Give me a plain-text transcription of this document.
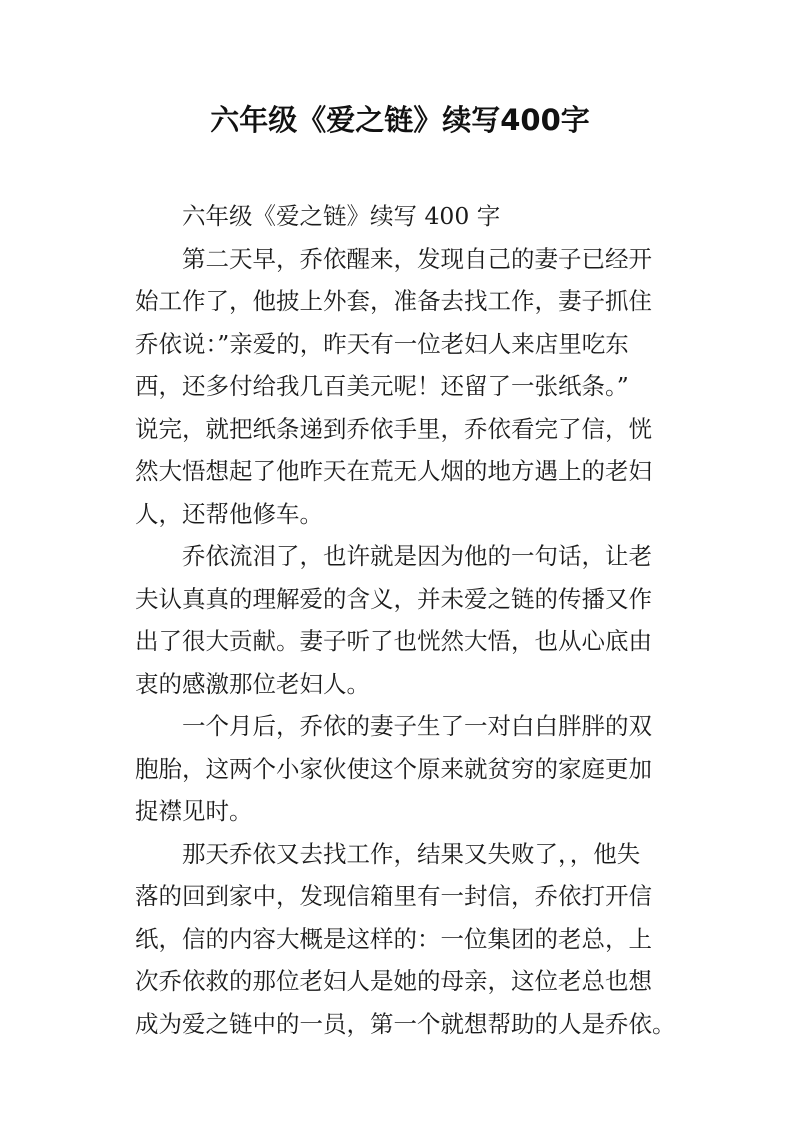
六年级《爱之链》续写400字
六年级《爱之链》续写 400 字
第二天早，乔依醒来，发现自己的妻子已经开
始工作了，他披上外套，准备去找工作，妻子抓住
乔依说：”亲爱的，昨天有一位老妇人来店里吃东
西，还多付给我几百美元呢！还留了一张纸条。”
说完，就把纸条递到乔依手里，乔依看完了信，恍
然大悟想起了他昨天在荒无人烟的地方遇上的老妇
人，还帮他修车。
乔依流泪了，也许就是因为他的一句话，让老
夫认真真的理解爱的含义，并未爱之链的传播又作
出了很大贡献。妻子听了也恍然大悟，也从心底由
衷的感激那位老妇人。
一个月后，乔依的妻子生了一对白白胖胖的双
胞胎，这两个小家伙使这个原来就贫穷的家庭更加
捉襟见时。
那天乔依又去找工作，结果又失败了，，他失
落的回到家中，发现信箱里有一封信，乔依打开信
纸，信的内容大概是这样的：一位集团的老总，上
次乔依救的那位老妇人是她的母亲，这位老总也想
成为爱之链中的一员，第一个就想帮助的人是乔依。
